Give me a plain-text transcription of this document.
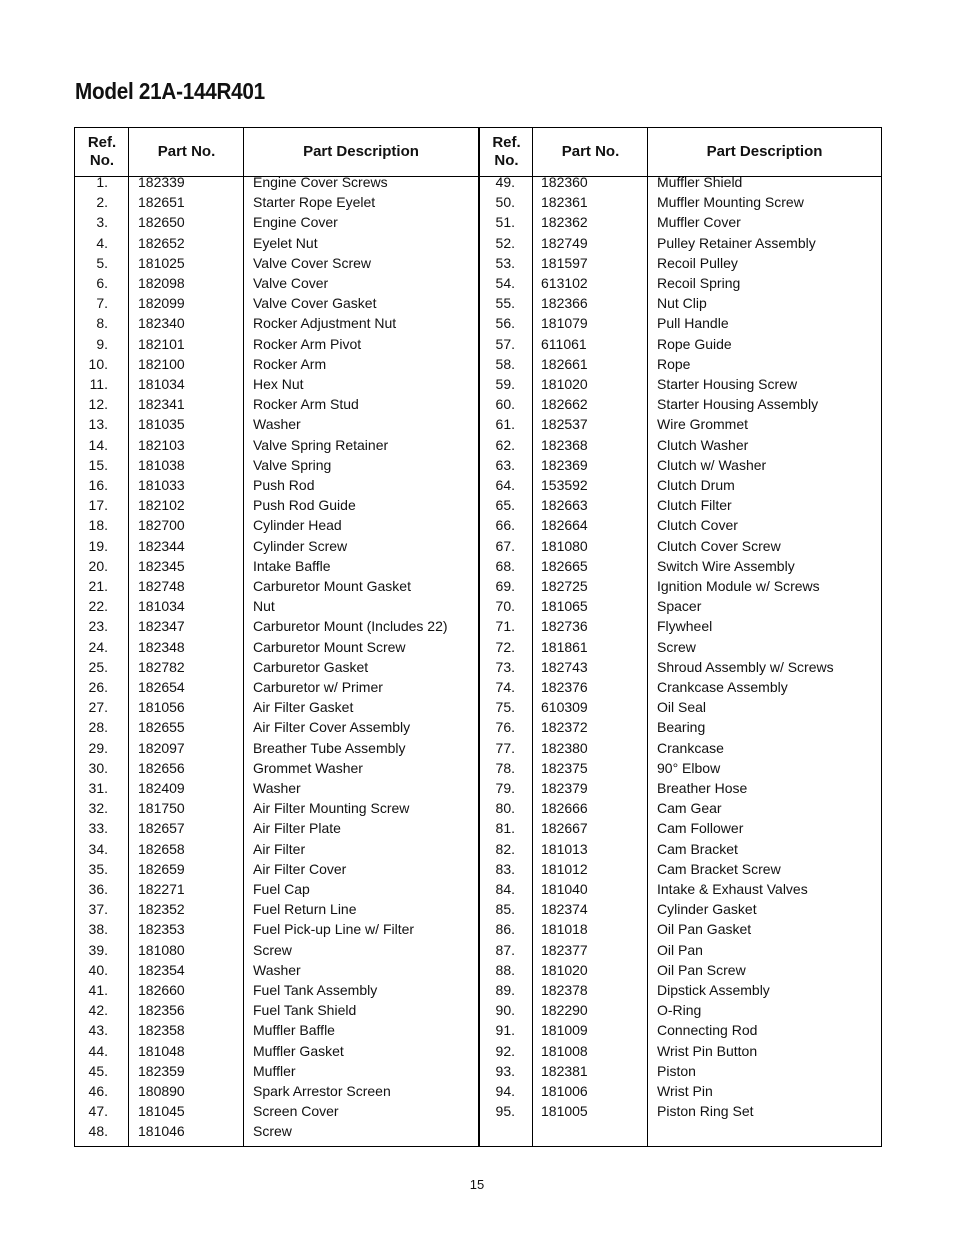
Model 21A-144R401
Ref.
No.
Part No.	Part Description
Ref.
No.
Part No.	Part Description
1. 182339	Engine Cover Screws
2. 182651	Starter Rope Eyelet
3. 182650	Engine Cover
4. 182652	Eyelet Nut
5. 181025	Valve Cover Screw
6. 182098	Valve Cover
7. 182099	Valve Cover Gasket
8. 182340	Rocker Adjustment Nut
9. 182101	Rocker Arm Pivot
10. 182100	Rocker Arm
11. 181034	Hex Nut
12. 182341	Rocker Arm Stud
13. 181035	Washer
14. 182103	Valve Spring Retainer
15. 181038	Valve Spring
16. 181033	Push Rod
17. 182102	Push Rod Guide
18. 182700	Cylinder Head
19. 182344	Cylinder Screw
20. 182345	Intake Baffle
21. 182748	Carburetor Mount Gasket
22. 181034	Nut
23. 182347	Carburetor Mount (Includes 22)
24. 182348	Carburetor Mount Screw
25. 182782	Carburetor Gasket
26. 182654	Carburetor w/ Primer
27. 181056	Air Filter Gasket
28. 182655	Air Filter Cover Assembly
29. 182097	Breather Tube Assembly
30. 182656	Grommet Washer
31. 182409	Washer
32. 181750	Air Filter Mounting Screw
33. 182657	Air Filter Plate
34. 182658	Air Filter
35. 182659	Air Filter Cover
36. 182271	Fuel Cap
37. 182352	Fuel Return Line
38. 182353	Fuel Pick-up Line w/ Filter
39. 181080	Screw
40. 182354	Washer
41. 182660	Fuel Tank Assembly
42. 182356	Fuel Tank Shield
43. 182358	Muffler Baffle
44. 181048	Muffler Gasket
45. 182359	Muffler
46. 180890	Spark Arrestor Screen
47. 181045	Screen Cover
48. 181046	Screw
49. 182360	Muffler Shield
50. 182361	Muffler Mounting Screw
51. 182362	Muffler Cover
52. 182749	Pulley Retainer Assembly
53. 181597	Recoil Pulley
54. 613102	Recoil Spring
55. 182366	Nut Clip
56. 181079	Pull Handle
57. 611061	Rope Guide
58. 182661	Rope
59. 181020	Starter Housing Screw
60. 182662	Starter Housing Assembly
61. 182537	Wire Grommet
62. 182368	Clutch Washer
63. 182369	Clutch w/ Washer
64. 153592	Clutch Drum
65. 182663	Clutch Filter
66. 182664	Clutch Cover
67. 181080	Clutch Cover Screw
68. 182665	Switch Wire Assembly
69. 182725	Ignition Module w/ Screws
70. 181065	Spacer
71. 182736	Flywheel
72. 181861	Screw
73. 182743	Shroud Assembly w/ Screws
74. 182376	Crankcase Assembly
75. 610309	Oil Seal
76. 182372	Bearing
77. 182380	Crankcase
78. 182375	90° Elbow
79. 182379	Breather Hose
80. 182666	Cam Gear
81. 182667	Cam Follower
82. 181013	Cam Bracket
83. 181012	Cam Bracket Screw
84. 181040	Intake & Exhaust Valves
85. 182374	Cylinder Gasket
86. 181018	Oil Pan Gasket
87. 182377	Oil Pan
88. 181020	Oil Pan Screw
89. 182378	Dipstick Assembly
90. 182290	O-Ring
91. 181009	Connecting Rod
92. 181008	Wrist Pin Button
93. 182381	Piston
94. 181006	Wrist Pin
95. 181005	Piston Ring Set
15
